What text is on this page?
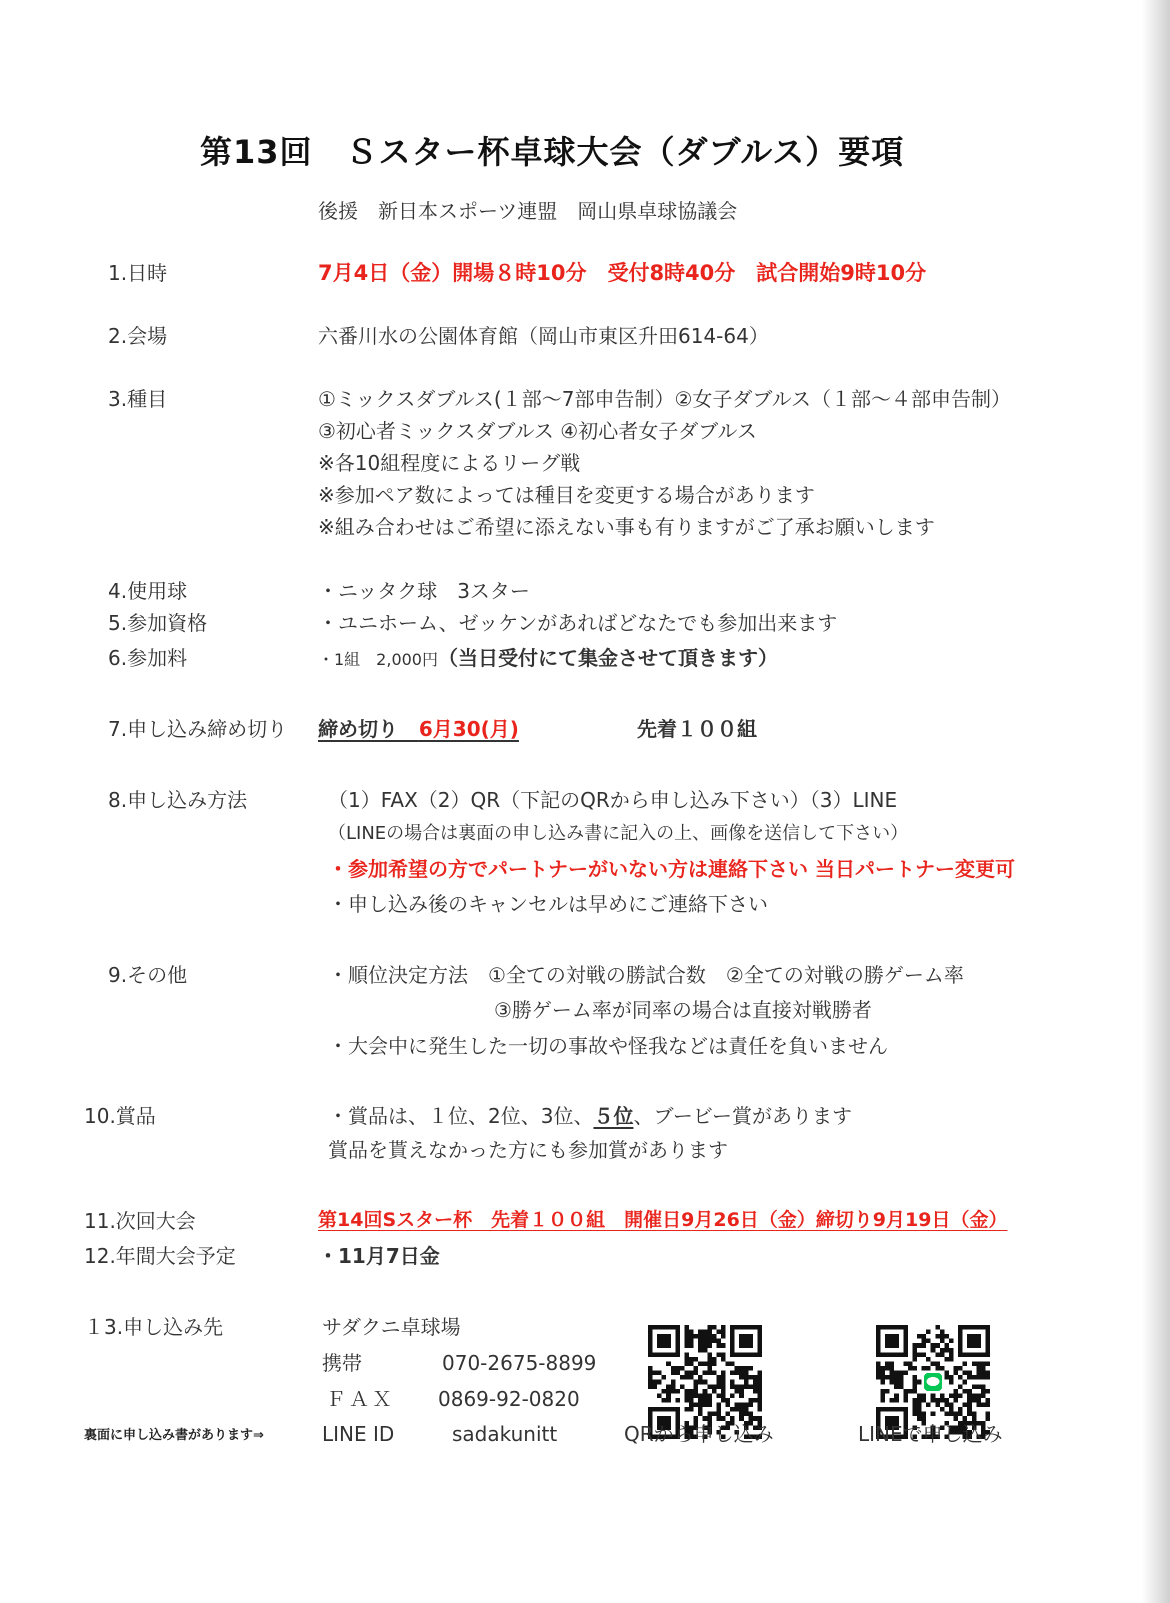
第13回　Ｓスター杯卓球大会（ダブルス）要項
後援　新日本スポーツ連盟　岡山県卓球協議会
1.日時	7月4日（金）開場８時10分　受付8時40分　試合開始9時10分
2.会場	六番川水の公園体育館（岡山市東区升田614-64）
3.種目	①ミックスダブルス(１部〜7部申告制）②女子ダブルス（１部〜４部申告制）
③初心者ミックスダブルス ④初心者女子ダブルス
※各10組程度によるリーグ戦
※参加ペア数によっては種目を変更する場合があります
※組み合わせはご希望に添えない事も有りますがご了承お願いします
4.使用球	・ニッタク球　3スター
5.参加資格	・ユニホーム、ゼッケンがあればどなたでも参加出来ます
6.参加料	・1組　2,000円（当日受付にて集金させて頂きます）
7.申し込み締め切り 締め切り 6月30(月)	先着１００組
8.申し込み方法	（1）FAX（2）QR（下記のQRから申し込み下さい）（3）LINE
（LINEの場合は裏面の申し込み書に記入の上、画像を送信して下さい）
・参加希望の方でパートナーがいない方は連絡下さい 当日パートナー変更可
・申し込み後のキャンセルは早めにご連絡下さい
9.その他	・順位決定方法　①全ての対戦の勝試合数　②全ての対戦の勝ゲーム率
③勝ゲーム率が同率の場合は直接対戦勝者
・大会中に発生した一切の事故や怪我などは責任を負いません
10.賞品	・賞品は、１位、2位、3位、５位、ブービー賞があります
賞品を貰えなかった方にも参加賞があります
11.次回大会	第14回Sスター杯　先着１００組　開催日9月26日（金）締切り9月19日（金）
12.年間大会予定	・11月7日金
１3.申し込み先	サダクニ卓球場
携帯	070-2675-8899
ＦＡＸ 0869-92-0820
LINE ID	sadakunitt
裏面に申し込み書があります⇒	QRから申し込み	LINEで申し込み
